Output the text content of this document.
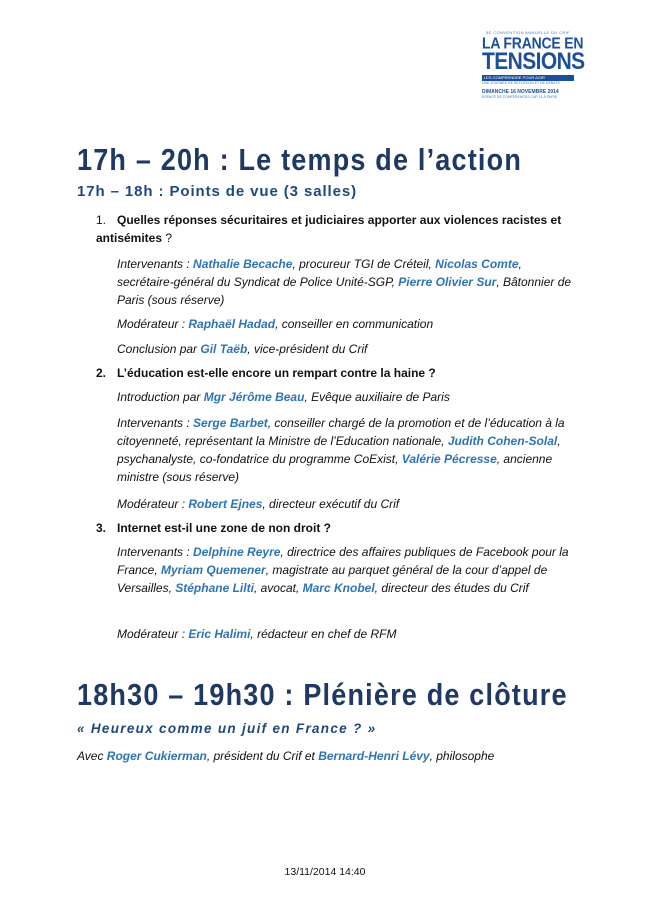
5E CONVENTION ANNUELLE DU CRIF
LA FRANCE EN
TENSIONS
LES COMPRENDRE POUR AGIR
UNE JOURNÉE DE RÉFLEXION ET DE DÉBATS
DIMANCHE 16 NOVEMBRE 2014
ESPACE DE CONFÉRENCES CAP 15 À PARIS
17h – 20h : Le temps de l’action
17h – 18h : Points de vue (3 salles)
1. Quelles réponses sécuritaires et judiciaires apporter aux violences racistes et antisémites ?
Intervenants : Nathalie Becache, procureur TGI de Créteil, Nicolas Comte, secrétaire-général du Syndicat de Police Unité-SGP, Pierre Olivier Sur, Bâtonnier de Paris (sous réserve)
Modérateur : Raphaël Hadad, conseiller en communication
Conclusion par Gil Taëb, vice-président du Crif
2. L’éducation est-elle encore un rempart contre la haine ?
Introduction par Mgr Jérôme Beau, Evêque auxiliaire de Paris
Intervenants : Serge Barbet, conseiller chargé de la promotion et de l’éducation à la citoyenneté, représentant la Ministre de l’Education nationale, Judith Cohen-Solal, psychanalyste, co-fondatrice du programme CoExist, Valérie Pécresse, ancienne ministre (sous réserve)
Modérateur : Robert Ejnes, directeur exécutif du Crif
3. Internet est-il une zone de non droit ?
Intervenants : Delphine Reyre, directrice des affaires publiques de Facebook pour la France, Myriam Quemener, magistrate au parquet général de la cour d’appel de Versailles, Stéphane Lilti, avocat, Marc Knobel, directeur des études du Crif
Modérateur : Eric Halimi, rédacteur en chef de RFM
18h30 – 19h30 : Plénière de clôture
« Heureux comme un juif en France ? »
Avec Roger Cukierman, président du Crif et Bernard-Henri Lévy, philosophe
13/11/2014 14:40
